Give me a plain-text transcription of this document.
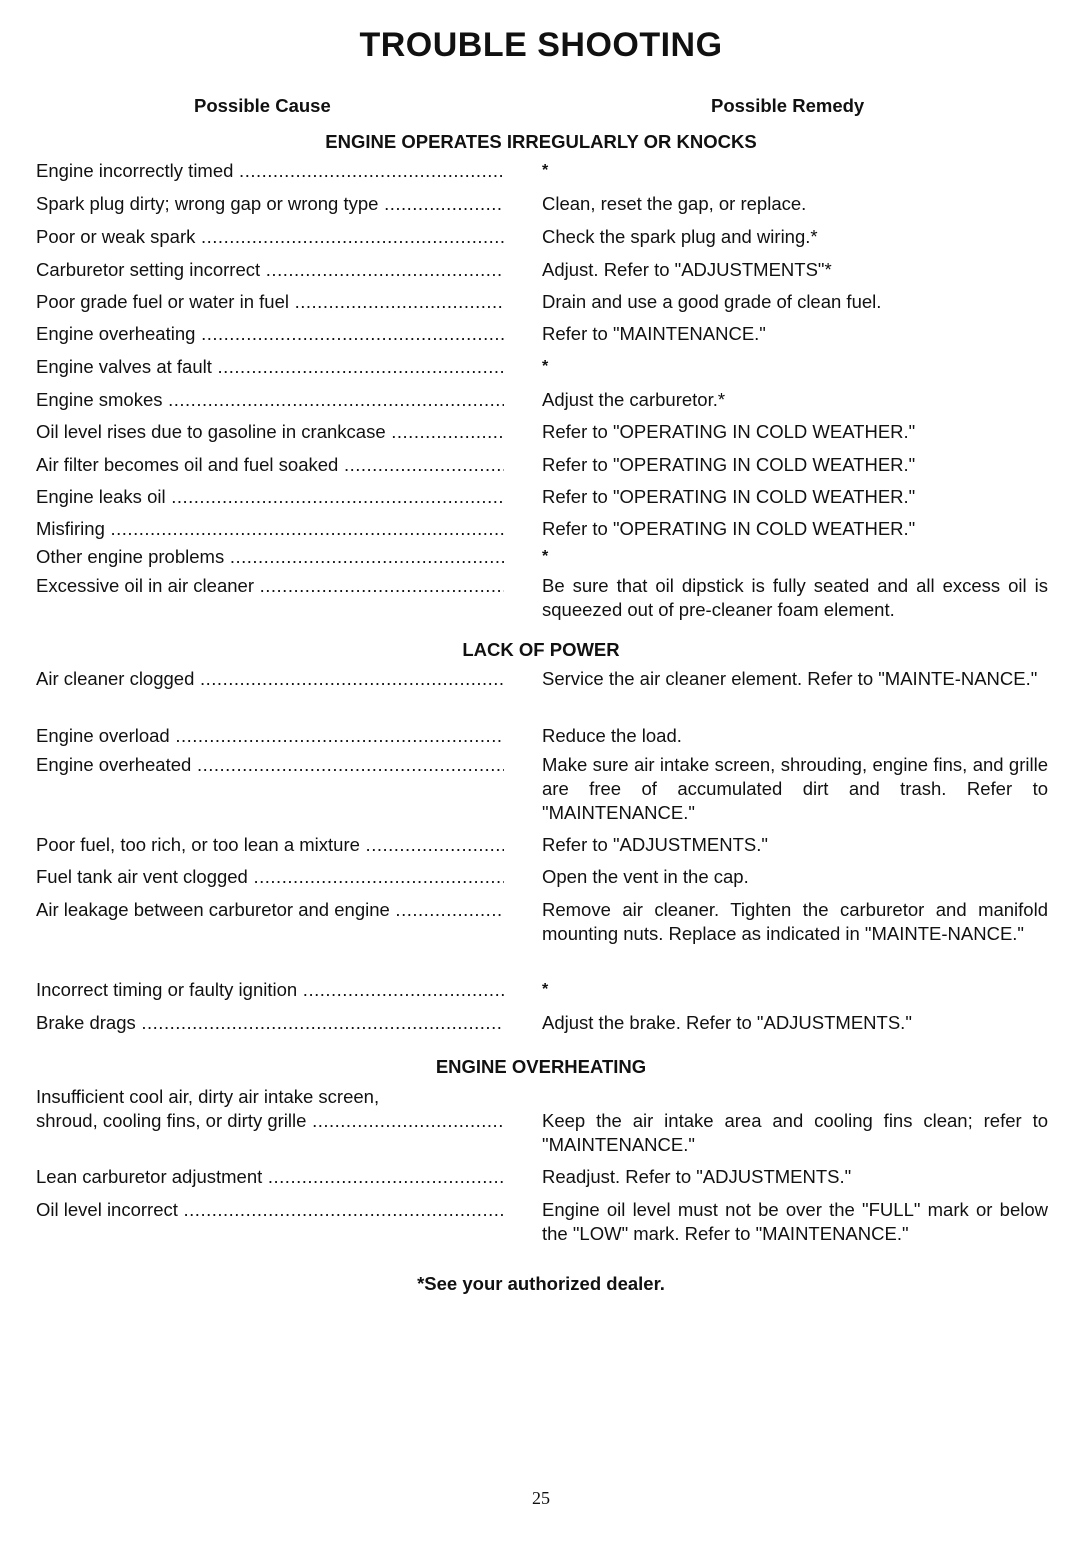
TROUBLE SHOOTING
Possible Cause	Possible Remedy
ENGINE OPERATES IRREGULARLY OR KNOCKS
Engine incorrectly timed .....	*
Spark plug dirty; wrong gap or wrong type .....	Clean, reset the gap, or replace.
Poor or weak spark .....	Check the spark plug and wiring.*
Carburetor setting incorrect .....	Adjust. Refer to "ADJUSTMENTS"*
Poor grade fuel or water in fuel .....	Drain and use a good grade of clean fuel.
Engine overheating .....	Refer to "MAINTENANCE."
Engine valves at fault .....	*
Engine smokes .....	Adjust the carburetor.*
Oil level rises due to gasoline in crankcase .....	Refer to "OPERATING IN COLD WEATHER."
Air filter becomes oil and fuel soaked .....	Refer to "OPERATING IN COLD WEATHER."
Engine leaks oil .....	Refer to "OPERATING IN COLD WEATHER."
Misfiring .....	Refer to "OPERATING IN COLD WEATHER."
Other engine problems .....	*
Excessive oil in air cleaner .....	Be sure that oil dipstick is fully seated and all excess oil is squeezed out of pre-cleaner foam element.
LACK OF POWER
Air cleaner clogged .....	Service the air cleaner element. Refer to "MAINTE-NANCE."
Engine overload .....	Reduce the load.
Engine overheated .....	Make sure air intake screen, shrouding, engine fins, and grille are free of accumulated dirt and trash. Refer to "MAINTENANCE."
Poor fuel, too rich, or too lean a mixture .....	Refer to "ADJUSTMENTS."
Fuel tank air vent clogged .....	Open the vent in the cap.
Air leakage between carburetor and engine .....	Remove air cleaner. Tighten the carburetor and manifold mounting nuts. Replace as indicated in "MAINTE-NANCE."
Incorrect timing or faulty ignition .....	*
Brake drags .....	Adjust the brake. Refer to "ADJUSTMENTS."
ENGINE OVERHEATING
Insufficient cool air, dirty air intake screen,
shroud, cooling fins, or dirty grille .....	Keep the air intake area and cooling fins clean; refer to "MAINTENANCE."
Lean carburetor adjustment .....	Readjust. Refer to "ADJUSTMENTS."
Oil level incorrect .....	Engine oil level must not be over the "FULL" mark or below the "LOW" mark. Refer to "MAINTENANCE."
*See your authorized dealer.
25
